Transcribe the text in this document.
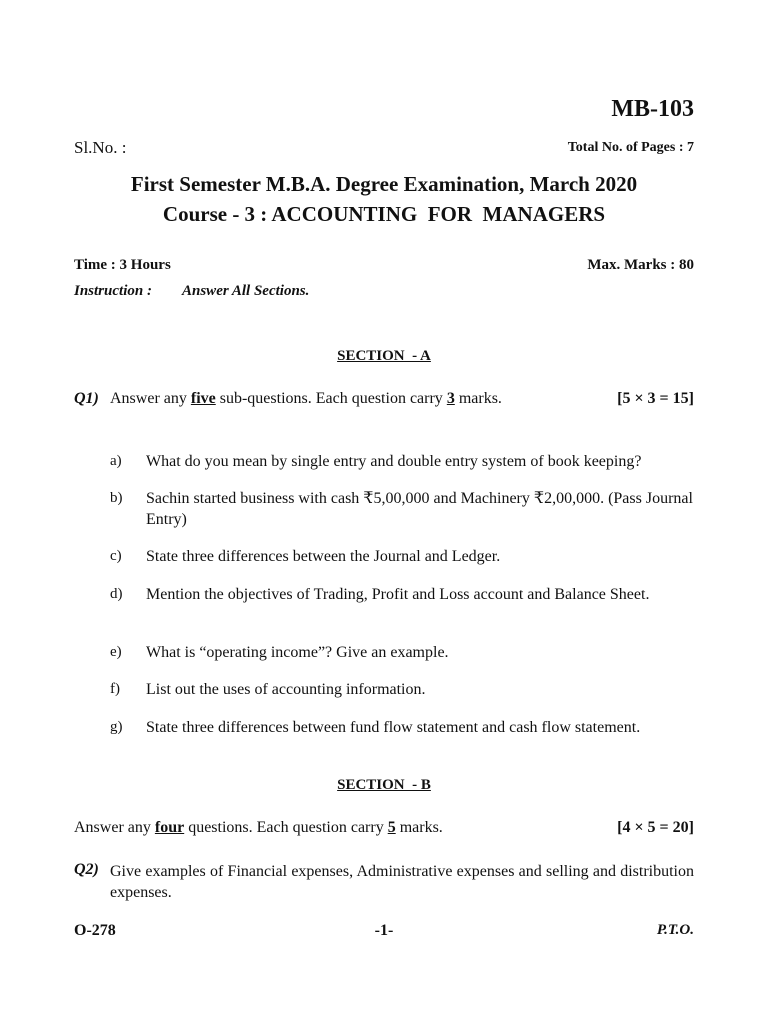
MB-103
Sl.No. :	Total No. of Pages : 7
First Semester M.B.A. Degree Examination, March 2020
Course - 3 : ACCOUNTING  FOR  MANAGERS
Time : 3 Hours	Max. Marks : 80
Instruction : Answer All Sections.
SECTION  - A
Q1) Answer any five sub-questions. Each question carry 3 marks.	[5 × 3 = 15]
a) What do you mean by single entry and double entry system of book keeping?
b) Sachin started business with cash ₹5,00,000 and Machinery ₹2,00,000. (Pass Journal Entry)
c) State three differences between the Journal and Ledger.
d) Mention the objectives of Trading, Profit and Loss account and Balance Sheet.
e) What is “operating income”? Give an example.
f) List out the uses of accounting information.
g) State three differences between fund flow statement and cash flow statement.
SECTION  - B
Answer any four questions. Each question carry 5 marks.	[4 × 5 = 20]
Q2) Give examples of Financial expenses, Administrative expenses and selling and distribution expenses.
O-278	-1-	P.T.O.
